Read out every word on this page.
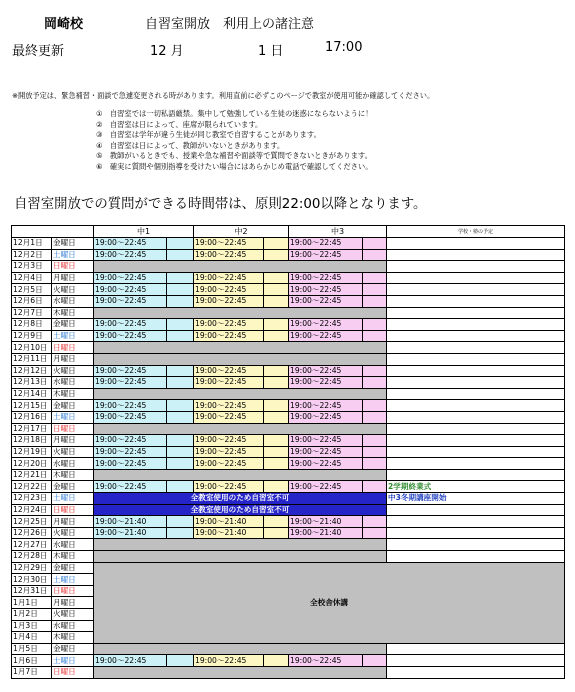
岡崎校	自習室開放　利用上の諸注意
最終更新	12 月	1 日	17:00
※開放予定は、緊急補習・面談で急遽変更される時があります。利用直前に必ずこのページで教室が使用可能か確認してください。
①　自習室では一切私語厳禁。集中して勉強している生徒の迷惑にならないように！
②　自習室は日によって、座席が限られています。
③　自習室は学年が違う生徒が同じ教室で自習することがあります。
④　自習室は日によって、教師がいないときがあります。
⑤　教師がいるときでも、授業や急な補習や面談等で質問できないときがあります。
⑥　確実に質問や個別指導を受けたい場合にはあらかじめ電話で確認してください。
自習室開放での質問ができる時間帯は、原則22:00以降となります。
		中1		中2		中3		学校・塾の予定
12月1日	金曜日	19:00～22:45		19:00～22:45		19:00～22:45		
12月2日	土曜日	19:00～22:45		19:00～22:45		19:00～22:45		
12月3日	日曜日							
12月4日	月曜日	19:00～22:45		19:00～22:45		19:00～22:45		
12月5日	火曜日	19:00～22:45		19:00～22:45		19:00～22:45		
12月6日	水曜日	19:00～22:45		19:00～22:45		19:00～22:45		
12月7日	木曜日							
12月8日	金曜日	19:00～22:45		19:00～22:45		19:00～22:45		
12月9日	土曜日	19:00～22:45		19:00～22:45		19:00～22:45		
12月10日	日曜日							
12月11日	月曜日							
12月12日	火曜日	19:00～22:45		19:00～22:45		19:00～22:45		
12月13日	水曜日	19:00～22:45		19:00～22:45		19:00～22:45		
12月14日	木曜日							
12月15日	金曜日	19:00～22:45		19:00～22:45		19:00～22:45		
12月16日	土曜日	19:00～22:45		19:00～22:45		19:00～22:45		
12月17日	日曜日							
12月18日	月曜日	19:00～22:45		19:00～22:45		19:00～22:45		
12月19日	火曜日	19:00～22:45		19:00～22:45		19:00～22:45		
12月20日	水曜日	19:00～22:45		19:00～22:45		19:00～22:45		
12月21日	木曜日							
12月22日	金曜日	19:00～22:45		19:00～22:45		19:00～22:45		2学期終業式
12月23日	土曜日	全教室使用のため自習室不可						中3冬期講座開始
12月24日	日曜日	全教室使用のため自習室不可						
12月25日	月曜日	19:00～21:40		19:00～21:40		19:00～21:40		
12月26日	火曜日	19:00～21:40		19:00～21:40		19:00～21:40		
12月27日	水曜日							
12月28日	木曜日							
12月29日	金曜日	全校舎休講						
12月30日	土曜日							
12月31日	日曜日							
1月1日	月曜日							
1月2日	火曜日							
1月3日	水曜日							
1月4日	木曜日							
1月5日	金曜日							
1月6日	土曜日	19:00～22:45		19:00～22:45		19:00～22:45		
1月7日	日曜日							
